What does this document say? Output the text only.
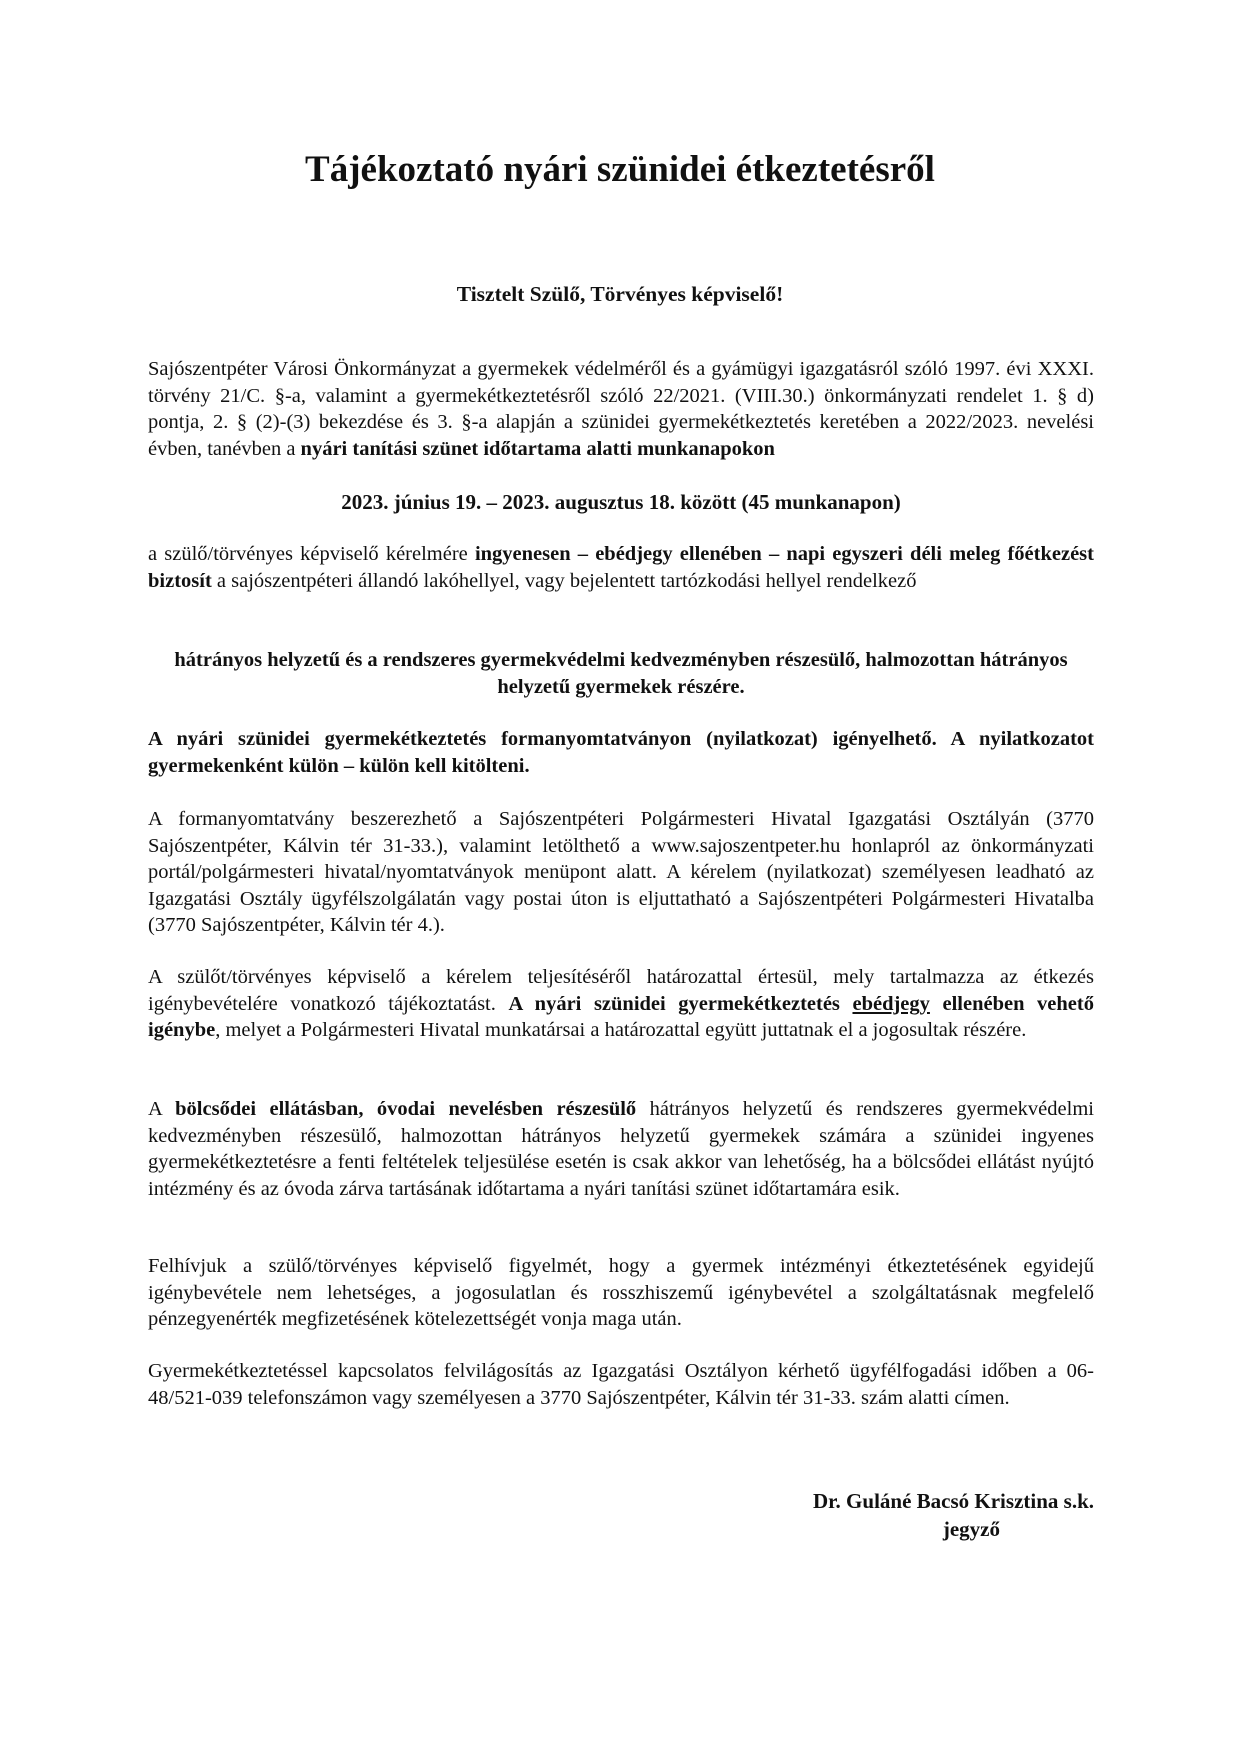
Tájékoztató nyári szünidei étkeztetésről

Tisztelt Szülő, Törvényes képviselő!

Sajószentpéter Városi Önkormányzat a gyermekek védelméről és a gyámügyi igazgatásról szóló 1997. évi XXXI. törvény 21/C. §-a, valamint a gyermekétkeztetésről szóló 22/2021. (VIII.30.) önkormányzati rendelet 1. § d) pontja, 2. § (2)-(3) bekezdése és 3. §-a alapján a szünidei gyermekétkeztetés keretében a 2022/2023. nevelési évben, tanévben a nyári tanítási szünet időtartama alatti munkanapokon

2023. június 19. – 2023. augusztus 18. között (45 munkanapon)

a szülő/törvényes képviselő kérelmére ingyenesen – ebédjegy ellenében – napi egyszeri déli meleg főétkezést biztosít a sajószentpéteri állandó lakóhellyel, vagy bejelentett tartózkodási hellyel rendelkező

hátrányos helyzetű és a rendszeres gyermekvédelmi kedvezményben részesülő, halmozottan hátrányos helyzetű gyermekek részére.

A nyári szünidei gyermekétkeztetés formanyomtatványon (nyilatkozat) igényelhető. A nyilatkozatot gyermekenként külön – külön kell kitölteni.

A formanyomtatvány beszerezhető a Sajószentpéteri Polgármesteri Hivatal Igazgatási Osztályán (3770 Sajószentpéter, Kálvin tér 31-33.), valamint letölthető a www.sajoszentpeter.hu honlapról az önkormányzati portál/polgármesteri hivatal/nyomtatványok menüpont alatt. A kérelem (nyilatkozat) személyesen leadható az Igazgatási Osztály ügyfélszolgálatán vagy postai úton is eljuttatható a Sajószentpéteri Polgármesteri Hivatalba (3770 Sajószentpéter, Kálvin tér 4.).

A szülőt/törvényes képviselő a kérelem teljesítéséről határozattal értesül, mely tartalmazza az étkezés igénybevételére vonatkozó tájékoztatást. A nyári szünidei gyermekétkeztetés ebédjegy ellenében vehető igénybe, melyet a Polgármesteri Hivatal munkatársai a határozattal együtt juttatnak el a jogosultak részére.

A bölcsődei ellátásban, óvodai nevelésben részesülő hátrányos helyzetű és rendszeres gyermekvédelmi kedvezményben részesülő, halmozottan hátrányos helyzetű gyermekek számára a szünidei ingyenes gyermekétkeztetésre a fenti feltételek teljesülése esetén is csak akkor van lehetőség, ha a bölcsődei ellátást nyújtó intézmény és az óvoda zárva tartásának időtartama a nyári tanítási szünet időtartamára esik.

Felhívjuk a szülő/törvényes képviselő figyelmét, hogy a gyermek intézményi étkeztetésének egyidejű igénybevétele nem lehetséges, a jogosulatlan és rosszhiszemű igénybevétel a szolgáltatásnak megfelelő pénzegyenérték megfizetésének kötelezettségét vonja maga után.

Gyermekétkeztetéssel kapcsolatos felvilágosítás az Igazgatási Osztályon kérhető ügyfélfogadási időben a 06-48/521-039 telefonszámon vagy személyesen a 3770 Sajószentpéter, Kálvin tér 31-33. szám alatti címen.

Dr. Guláné Bacsó Krisztina s.k.

jegyző
